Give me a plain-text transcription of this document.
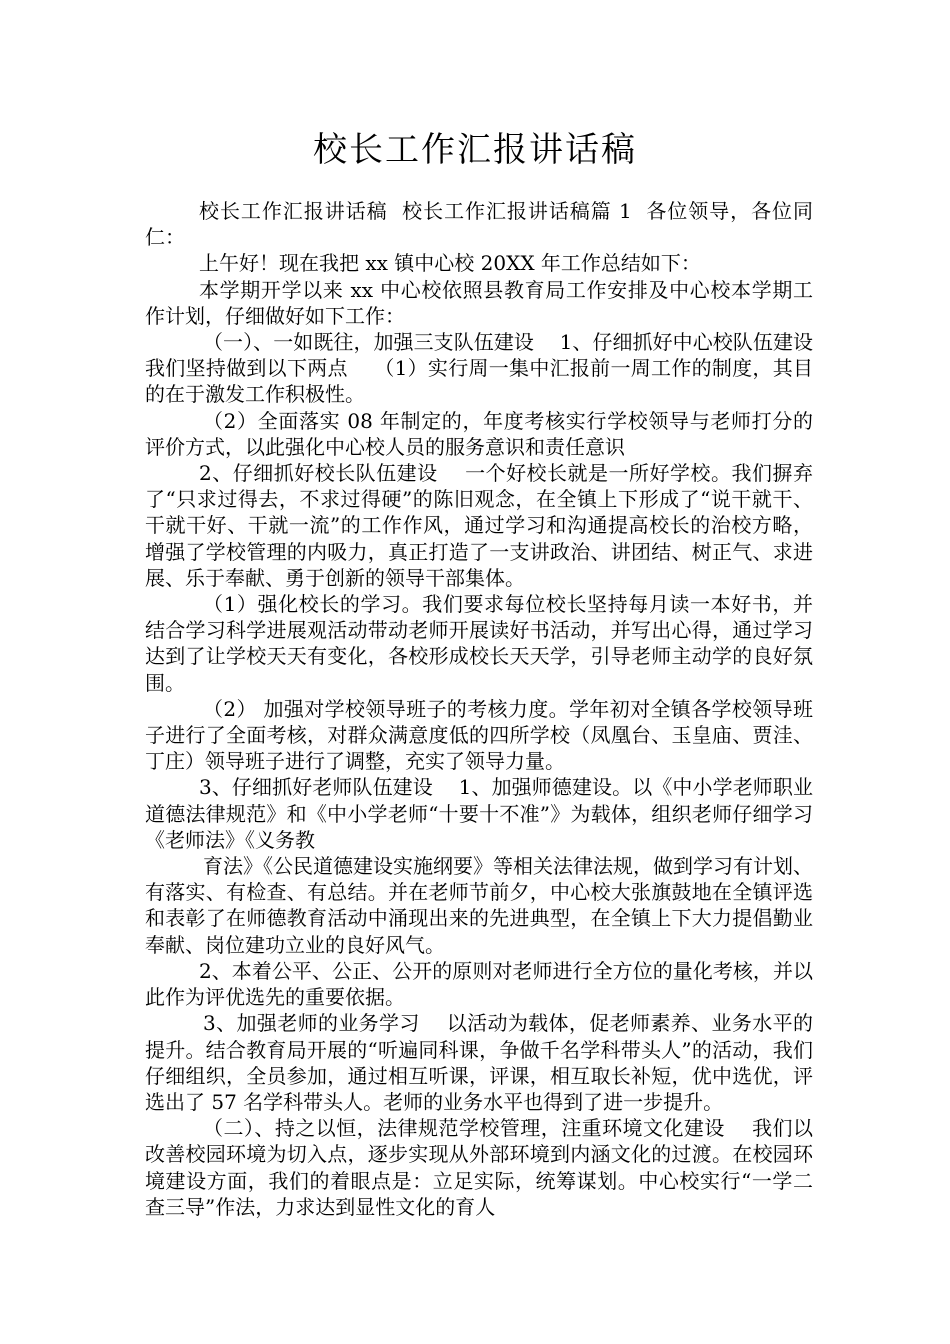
校长工作汇报讲话稿

校长工作汇报讲话稿  校长工作汇报讲话稿篇 1  各位领导，各位同仁：

上午好！现在我把 xx 镇中心校 20XX 年工作总结如下：

本学期开学以来 xx 中心校依照县教育局工作安排及中心校本学期工作计划，仔细做好如下工作：

（一）、一如既往，加强三支队伍建设    1、仔细抓好中心校队伍建设    我们坚持做到以下两点    （1）实行周一集中汇报前一周工作的制度，其目的在于激发工作积极性。

（2）全面落实 08 年制定的，年度考核实行学校领导与老师打分的评价方式，以此强化中心校人员的服务意识和责任意识

2、仔细抓好校长队伍建设    一个好校长就是一所好学校。我们摒弃了“只求过得去，不求过得硬”的陈旧观念，在全镇上下形成了“说干就干、干就干好、干就一流”的工作作风，通过学习和沟通提高校长的治校方略，增强了学校管理的内吸力，真正打造了一支讲政治、讲团结、树正气、求进展、乐于奉献、勇于创新的领导干部集体。

（1）强化校长的学习。我们要求每位校长坚持每月读一本好书，并结合学习科学进展观活动带动老师开展读好书活动，并写出心得，通过学习达到了让学校天天有变化，各校形成校长天天学，引导老师主动学的良好氛围。

（2） 加强对学校领导班子的考核力度。学年初对全镇各学校领导班子进行了全面考核，对群众满意度低的四所学校（凤凰台、玉皇庙、贾洼、丁庄）领导班子进行了调整，充实了领导力量。

3、仔细抓好老师队伍建设    1、加强师德建设。以《中小学老师职业道德法律规范》和《中小学老师“十要十不准”》为载体，组织老师仔细学习《老师法》《义务教

育法》《公民道德建设实施纲要》等相关法律法规，做到学习有计划、有落实、有检查、有总结。并在老师节前夕，中心校大张旗鼓地在全镇评选和表彰了在师德教育活动中涌现出来的先进典型，在全镇上下大力提倡勤业奉献、岗位建功立业的良好风气。

2、本着公平、公正、公开的原则对老师进行全方位的量化考核，并以此作为评优选先的重要依据。

3、加强老师的业务学习    以活动为载体，促老师素养、业务水平的提升。结合教育局开展的“听遍同科课，争做千名学科带头人”的活动，我们仔细组织，全员参加，通过相互听课，评课，相互取长补短，优中选优，评选出了 57 名学科带头人。老师的业务水平也得到了进一步提升。

（二）、持之以恒，法律规范学校管理，注重环境文化建设    我们以改善校园环境为切入点，逐步实现从外部环境到内涵文化的过渡。在校园环境建设方面，我们的着眼点是：立足实际，统筹谋划。中心校实行“一学二查三导”作法，力求达到显性文化的育人
